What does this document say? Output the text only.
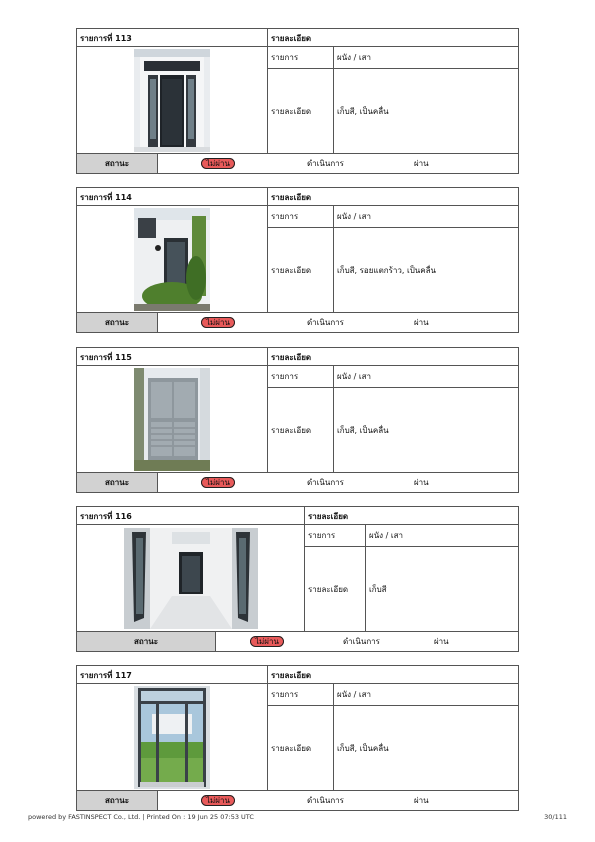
รายการที่ 113	รายละเอียด
รายการ	ผนัง / เสา
รายละเอียด	เก็บสี, เป็นคลื่น
สถานะ	ไม่ผ่าน	ดำเนินการ	ผ่าน
รายการที่ 114	รายละเอียด
รายการ	ผนัง / เสา
รายละเอียด	เก็บสี, รอยแตกร้าว, เป็นคลื่น
สถานะ	ไม่ผ่าน	ดำเนินการ	ผ่าน
รายการที่ 115	รายละเอียด
รายการ	ผนัง / เสา
รายละเอียด	เก็บสี, เป็นคลื่น
สถานะ	ไม่ผ่าน	ดำเนินการ	ผ่าน
รายการที่ 116	รายละเอียด
รายการ	ผนัง / เสา
รายละเอียด	เก็บสี
สถานะ	ไม่ผ่าน	ดำเนินการ	ผ่าน
รายการที่ 117	รายละเอียด
รายการ	ผนัง / เสา
รายละเอียด	เก็บสี, เป็นคลื่น
สถานะ	ไม่ผ่าน	ดำเนินการ	ผ่าน
powered by FASTINSPECT Co., Ltd. | Printed On : 19 Jun 25 07:53 UTC	30/111
